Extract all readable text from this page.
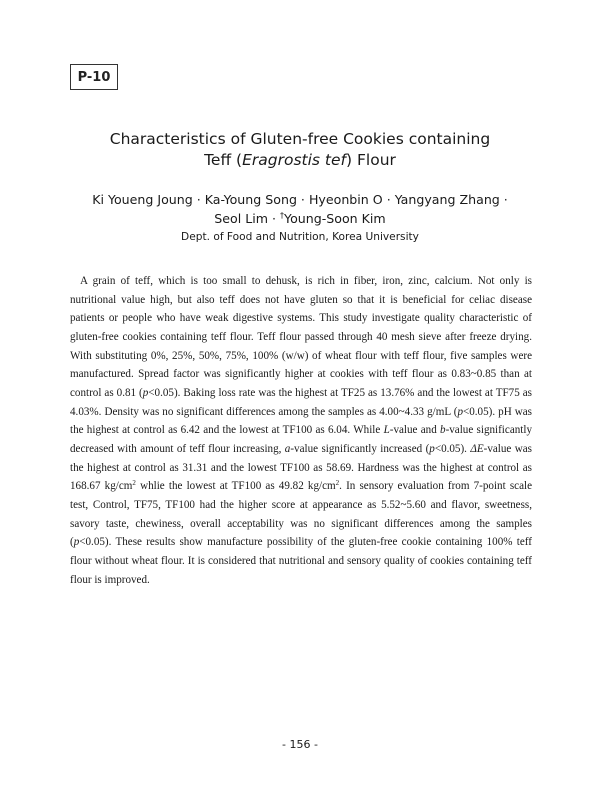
P-10
Characteristics of Gluten-free Cookies containing
Teff (Eragrostis tef) Flour
Ki Youeng Joung · Ka-Young Song · Hyeonbin O · Yangyang Zhang ·
Seol Lim · †Young-Soon Kim
Dept. of Food and Nutrition, Korea University

A grain of teff, which is too small to dehusk, is rich in fiber, iron, zinc, calcium. Not only is nutritional value high, but also teff does not have gluten so that it is beneficial for celiac disease patients or people who have weak digestive systems. This study investigate quality characteristic of gluten-free cookies containing teff flour. Teff flour passed through 40 mesh sieve after freeze drying. With substituting 0%, 25%, 50%, 75%, 100% (w/w) of wheat flour with teff flour, five samples were manufactured. Spread factor was significantly higher at cookies with teff flour as 0.83~0.85 than at control as 0.81 (p<0.05). Baking loss rate was the highest at TF25 as 13.76% and the lowest at TF75 as 4.03%. Density was no significant differences among the samples as 4.00~4.33 g/mL (p<0.05). pH was the highest at control as 6.42 and the lowest at TF100 as 6.04. While L-value and b-value significantly decreased with amount of teff flour increasing, a-value significantly increased (p<0.05). ΔE-value was the highest at control as 31.31 and the lowest TF100 as 58.69. Hardness was the highest at control as 168.67 $kg/cm^2$ whlie the lowest at TF100 as 49.82 $kg/cm^2$. In sensory evaluation from 7-point scale test, Control, TF75, TF100 had the higher score at appearance as 5.52~5.60 and flavor, sweetness, savory taste, chewiness, overall acceptability was no significant differences among the samples (p<0.05). These results show manufacture possibility of the gluten-free cookie containing 100% teff flour without wheat flour. It is considered that nutritional and sensory quality of cookies containing teff flour is improved.

- 156 -
